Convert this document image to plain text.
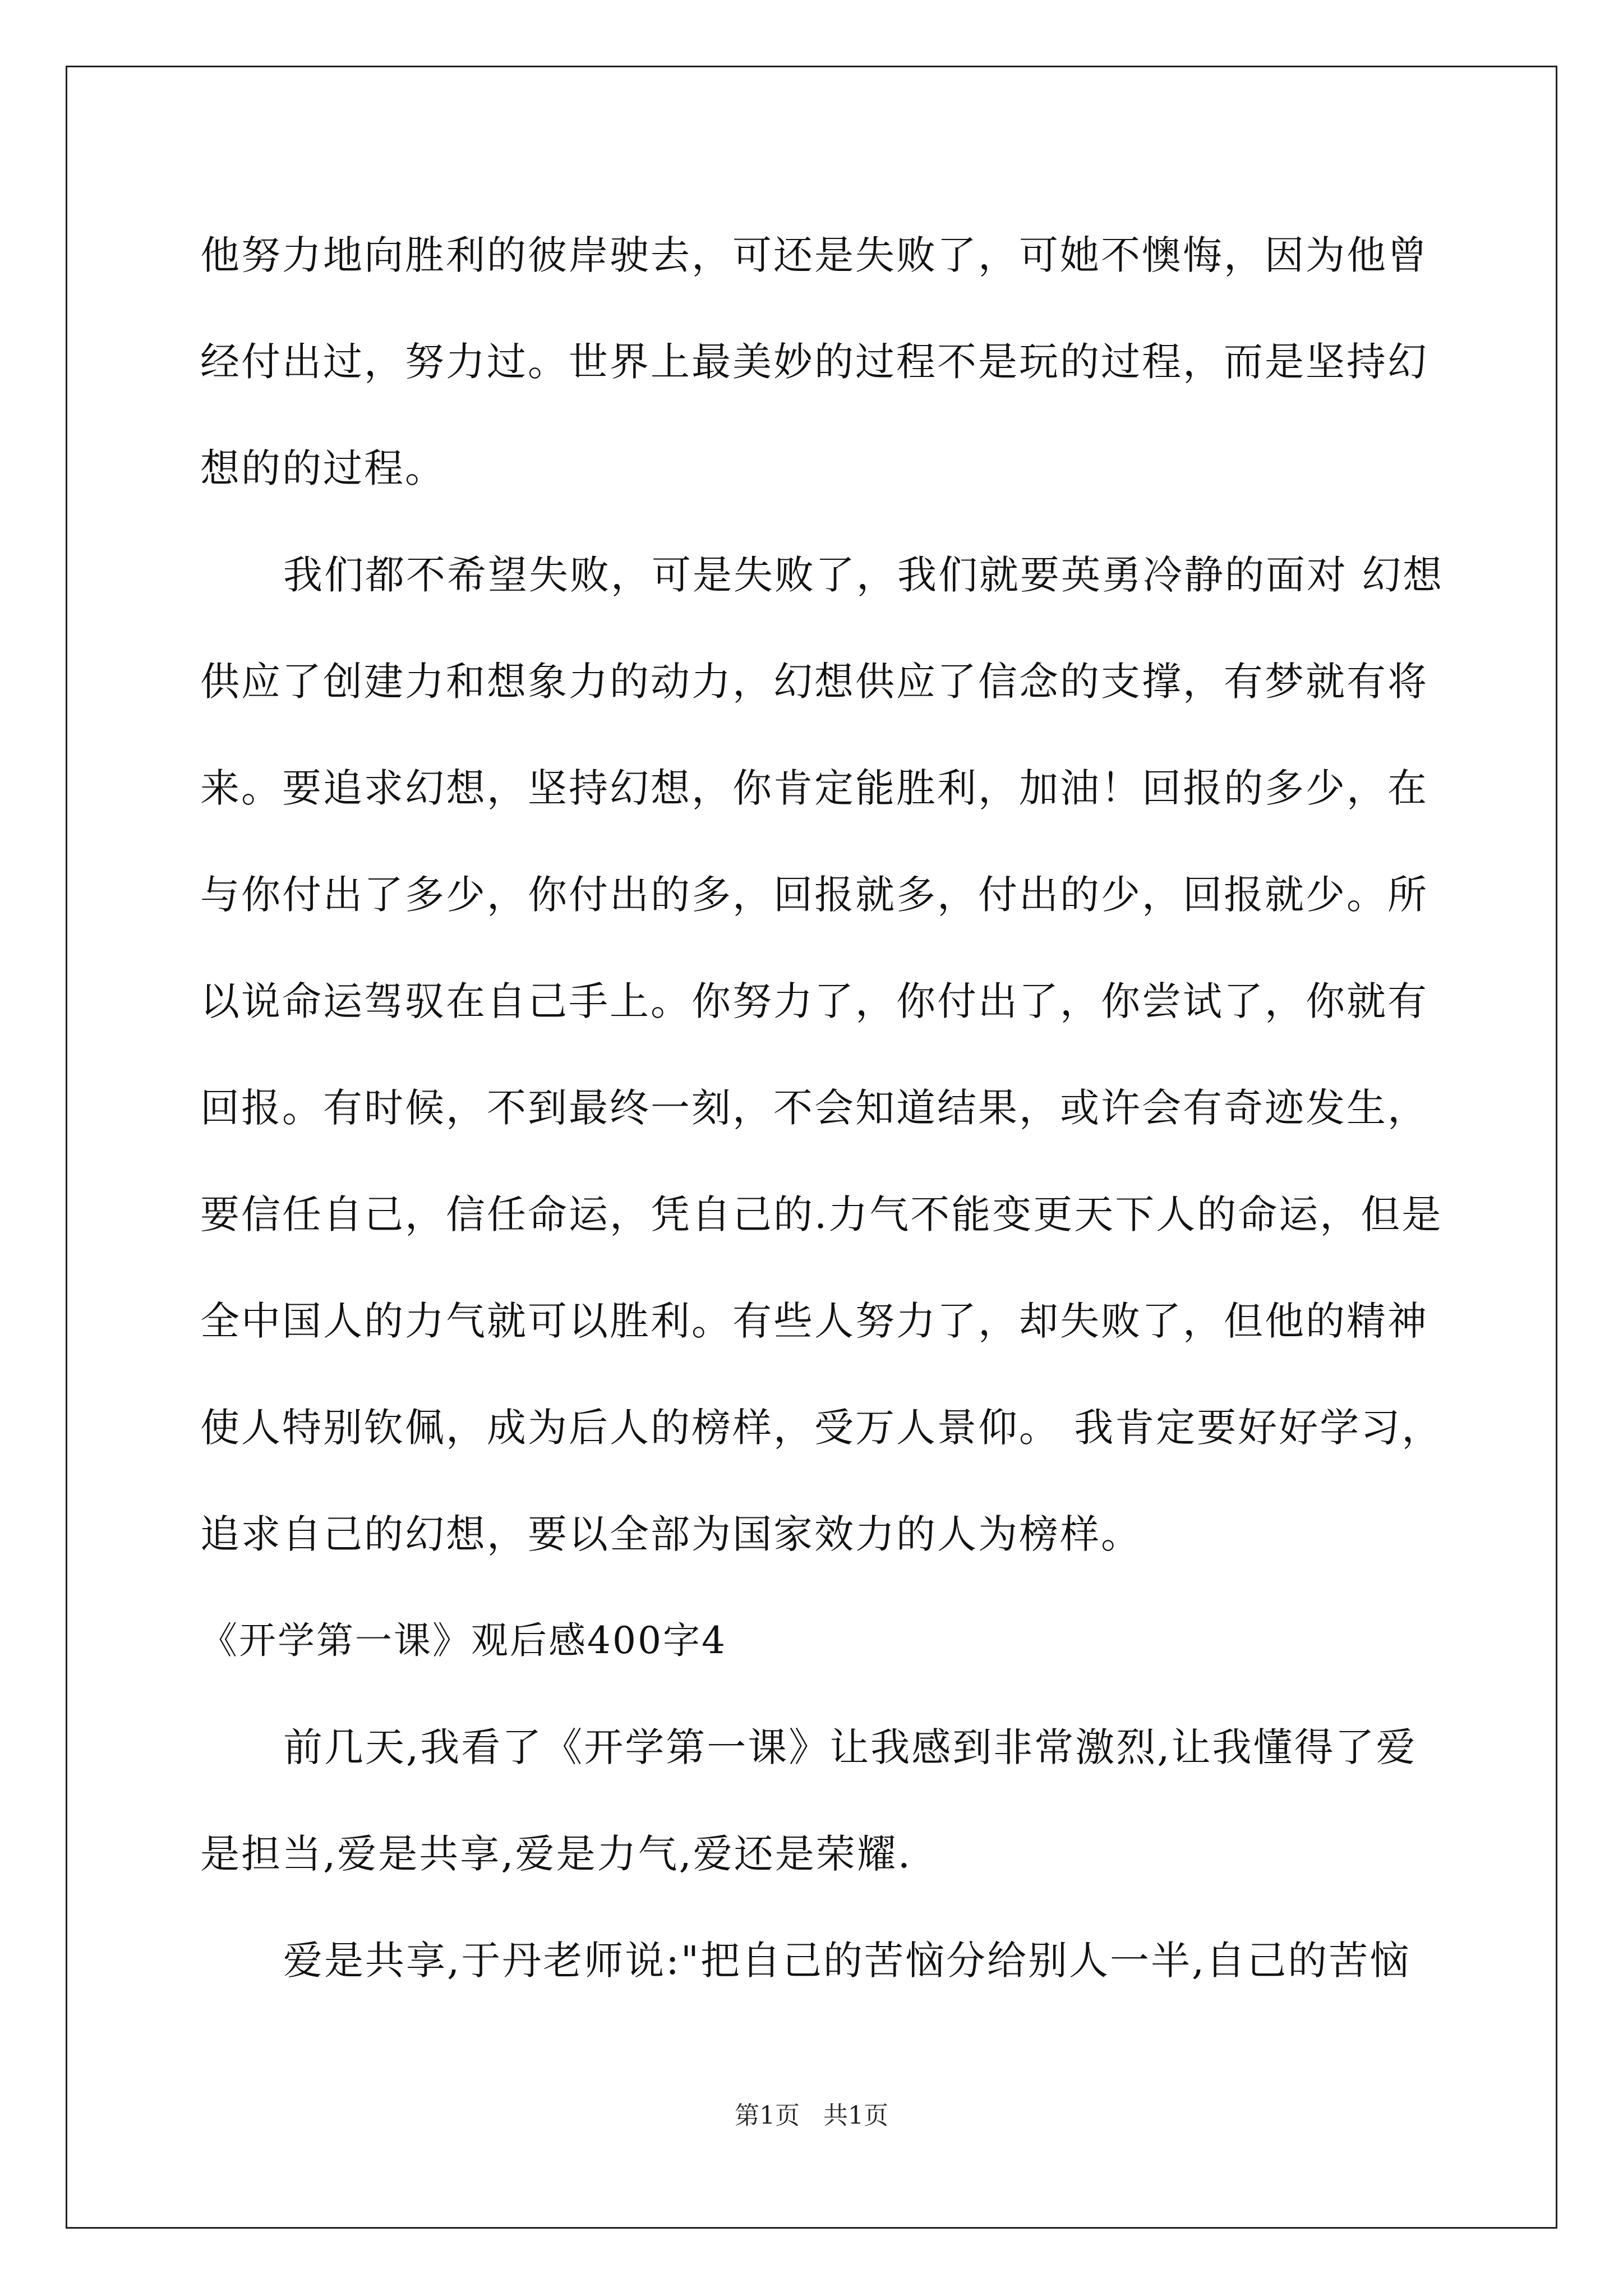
他努力地向胜利的彼岸驶去，可还是失败了，可她不懊悔，因为他曾

经付出过，努力过。世界上最美妙的过程不是玩的过程，而是坚持幻

想的的过程。

我们都不希望失败，可是失败了，我们就要英勇冷静的面对 幻想

供应了创建力和想象力的动力，幻想供应了信念的支撑，有梦就有将

来。要追求幻想，坚持幻想，你肯定能胜利，加油！回报的多少，在

与你付出了多少，你付出的多，回报就多，付出的少，回报就少。所

以说命运驾驭在自己手上。你努力了，你付出了，你尝试了，你就有

回报。有时候，不到最终一刻，不会知道结果，或许会有奇迹发生，

要信任自己，信任命运，凭自己的.力气不能变更天下人的命运，但是

全中国人的力气就可以胜利。有些人努力了，却失败了，但他的精神

使人特别钦佩，成为后人的榜样，受万人景仰。 我肯定要好好学习，

追求自己的幻想，要以全部为国家效力的人为榜样。

《开学第一课》观后感400字4

前几天,我看了《开学第一课》让我感到非常激烈,让我懂得了爱

是担当,爱是共享,爱是力气,爱还是荣耀.

爱是共享,于丹老师说:"把自己的苦恼分给别人一半,自己的苦恼

第1页   共1页
